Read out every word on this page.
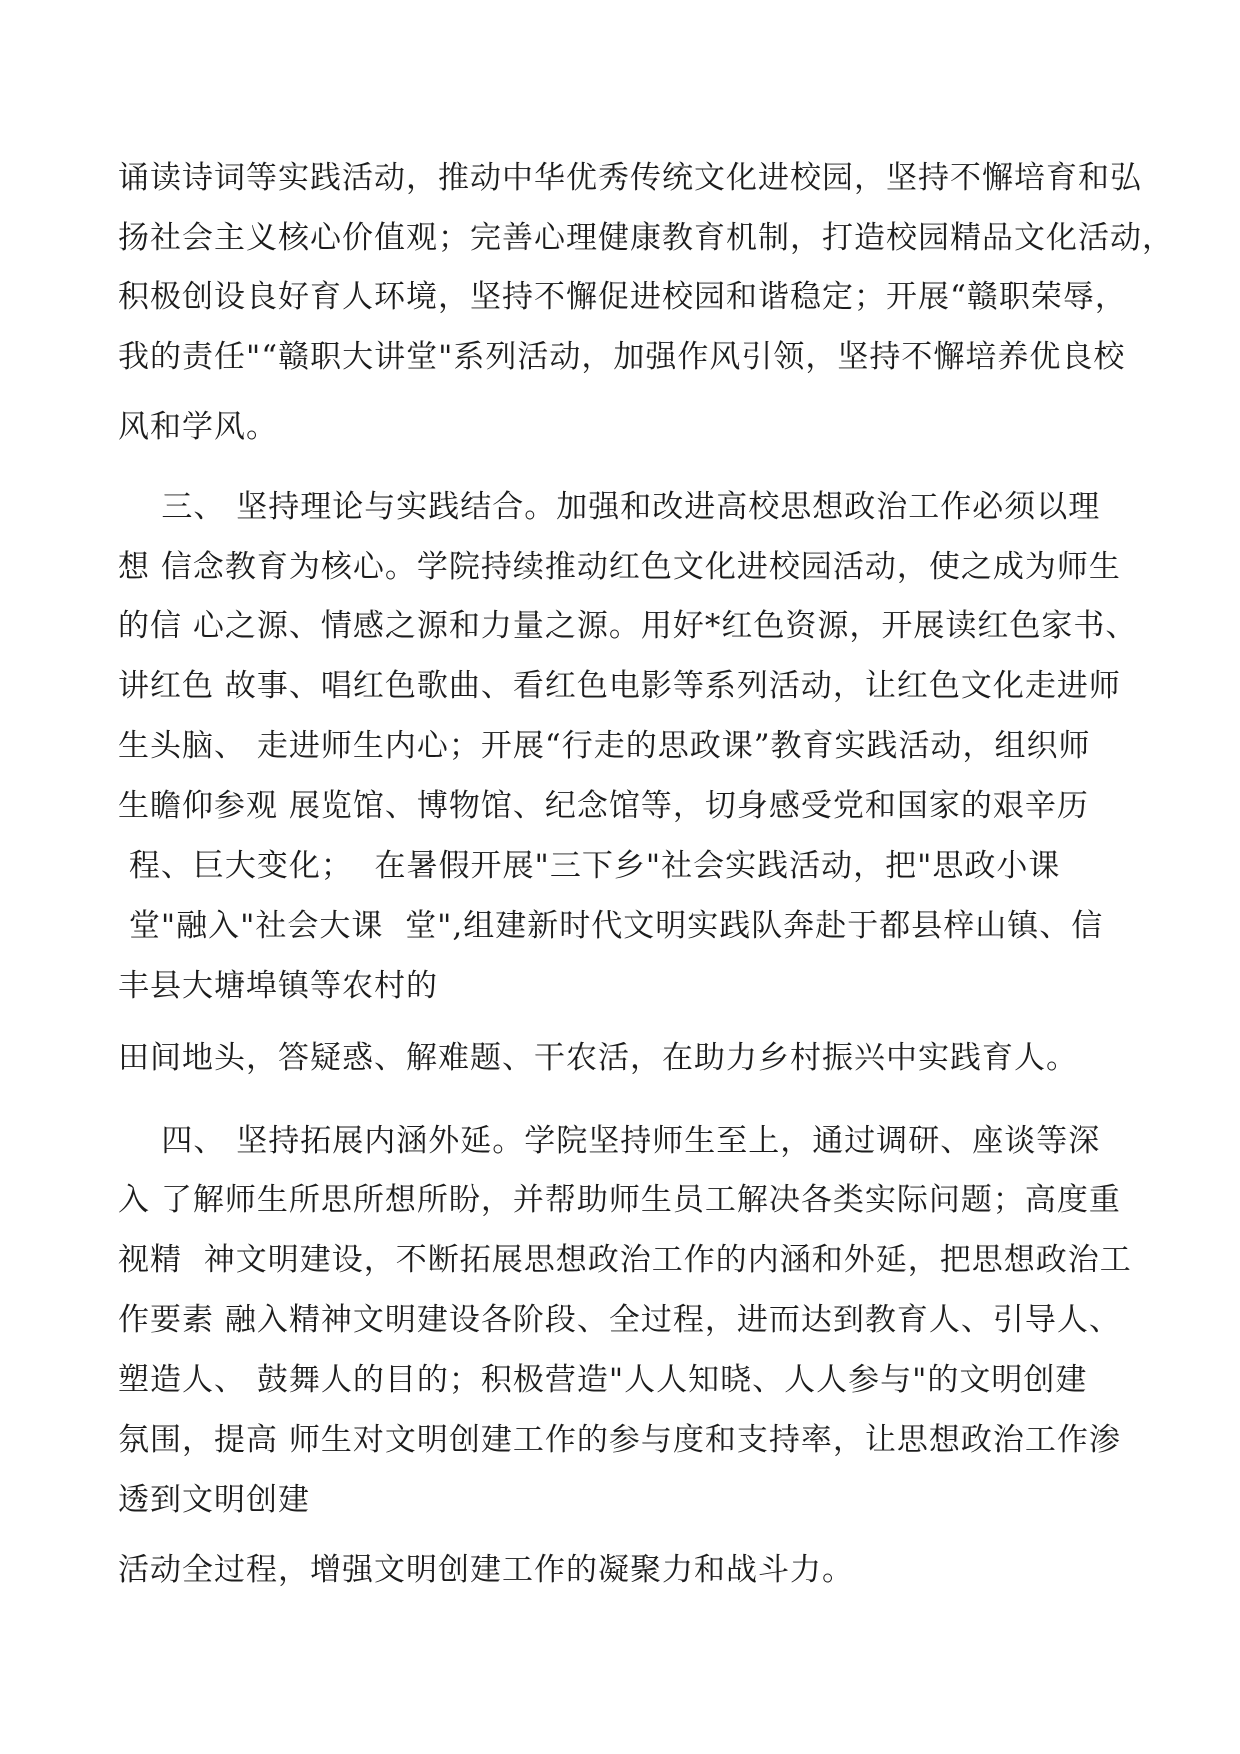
诵读诗词等实践活动，推动中华优秀传统文化进校园，坚持不懈培育和弘

扬社会主义核心价值观；完善心理健康教育机制，打造校园精品文化活动，

积极创设良好育人环境，坚持不懈促进校园和谐稳定；开展“赣职荣辱，

我的责任"“赣职大讲堂"系列活动，加强作风引领，坚持不懈培养优良校

风和学风。

三、 坚持理论与实践结合。加强和改进高校思想政治工作必须以理

想 信念教育为核心。学院持续推动红色文化进校园活动，使之成为师生

的信 心之源、情感之源和力量之源。用好*红色资源，开展读红色家书、

讲红色 故事、唱红色歌曲、看红色电影等系列活动，让红色文化走进师

生头脑、 走进师生内心；开展“行走的思政课”教育实践活动，组织师

生瞻仰参观 展览馆、博物馆、纪念馆等，切身感受党和国家的艰辛历

程、巨大变化；  在暑假开展"三下乡"社会实践活动，把"思政小课

堂"融入"社会大课  堂",组建新时代文明实践队奔赴于都县梓山镇、信

丰县大塘埠镇等农村的

田间地头，答疑惑、解难题、干农活，在助力乡村振兴中实践育人。

四、 坚持拓展内涵外延。学院坚持师生至上，通过调研、座谈等深

入 了解师生所思所想所盼，并帮助师生员工解决各类实际问题；高度重

视精  神文明建设，不断拓展思想政治工作的内涵和外延，把思想政治工

作要素 融入精神文明建设各阶段、全过程，进而达到教育人、引导人、

塑造人、 鼓舞人的目的；积极营造"人人知晓、人人参与"的文明创建

氛围，提高 师生对文明创建工作的参与度和支持率，让思想政治工作渗

透到文明创建

活动全过程，增强文明创建工作的凝聚力和战斗力。
